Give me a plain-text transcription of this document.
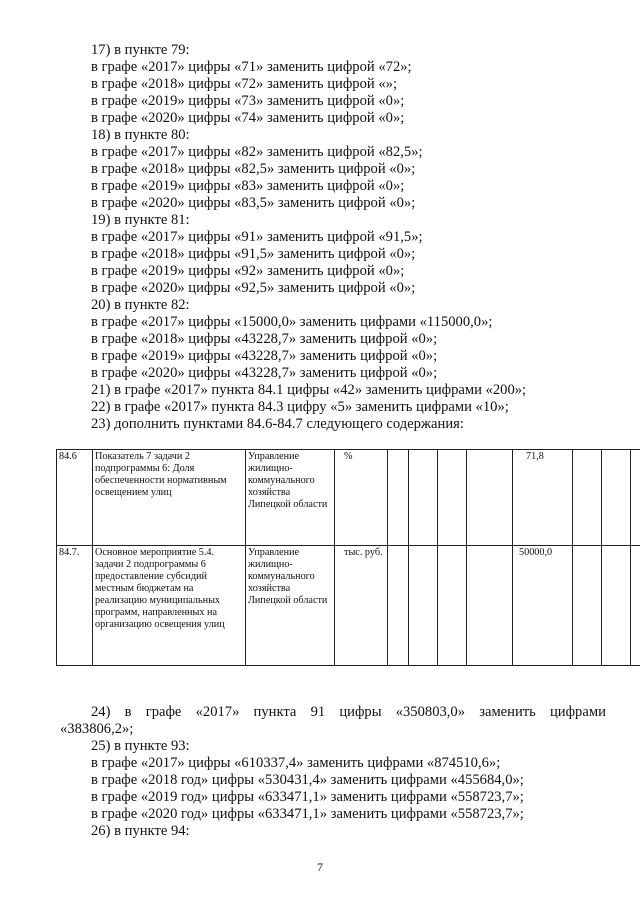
17) в пункте 79:
в графе «2017» цифры «71» заменить цифрой «72»;
в графе «2018» цифры «72» заменить цифрой «»;
в графе «2019» цифры «73» заменить цифрой «0»;
в графе «2020» цифры «74» заменить цифрой «0»;
18) в пункте 80:
в графе «2017» цифры «82» заменить цифрой «82,5»;
в графе «2018» цифры «82,5» заменить цифрой «0»;
в графе «2019» цифры «83» заменить цифрой «0»;
в графе «2020» цифры «83,5» заменить цифрой «0»;
19) в пункте 81:
в графе «2017» цифры «91» заменить цифрой «91,5»;
в графе «2018» цифры «91,5» заменить цифрой «0»;
в графе «2019» цифры «92» заменить цифрой «0»;
в графе «2020» цифры «92,5» заменить цифрой «0»;
20) в пункте 82:
в графе «2017» цифры «15000,0» заменить цифрами «115000,0»;
в графе «2018» цифры «43228,7» заменить цифрой «0»;
в графе «2019» цифры «43228,7» заменить цифрой «0»;
в графе «2020» цифры «43228,7» заменить цифрой «0»;
21) в графе «2017» пункта 84.1 цифры «42» заменить цифрами «200»;
22) в графе «2017» пункта 84.3 цифру «5» заменить цифрами «10»;
23) дополнить пунктами 84.6-84.7 следующего содержания:
84.6	Показатель 7 задачи 2 подпрограммы 6: Доля обеспеченности нормативным освещением улиц	Управление жилищно-коммунального хозяйства Липецкой области	%					71,8			
84.7.	Основное мероприятие 5.4. задачи 2 подпрограммы 6 предоставление субсидий местным бюджетам на реализацию муниципальных программ, направленных на организацию освещения улиц	Управление жилищно-коммунального хозяйства Липецкой области	тыс. руб.					50000,0			
24) в графе «2017» пункта 91 цифры «350803,0» заменить цифрами
«383806,2»;
25) в пункте 93:
в графе «2017» цифры «610337,4» заменить цифрами «874510,6»;
в графе «2018 год» цифры «530431,4» заменить цифрами «455684,0»;
в графе «2019 год» цифры «633471,1» заменить цифрами «558723,7»;
в графе «2020 год» цифры «633471,1» заменить цифрами «558723,7»;
26) в пункте 94:
7
